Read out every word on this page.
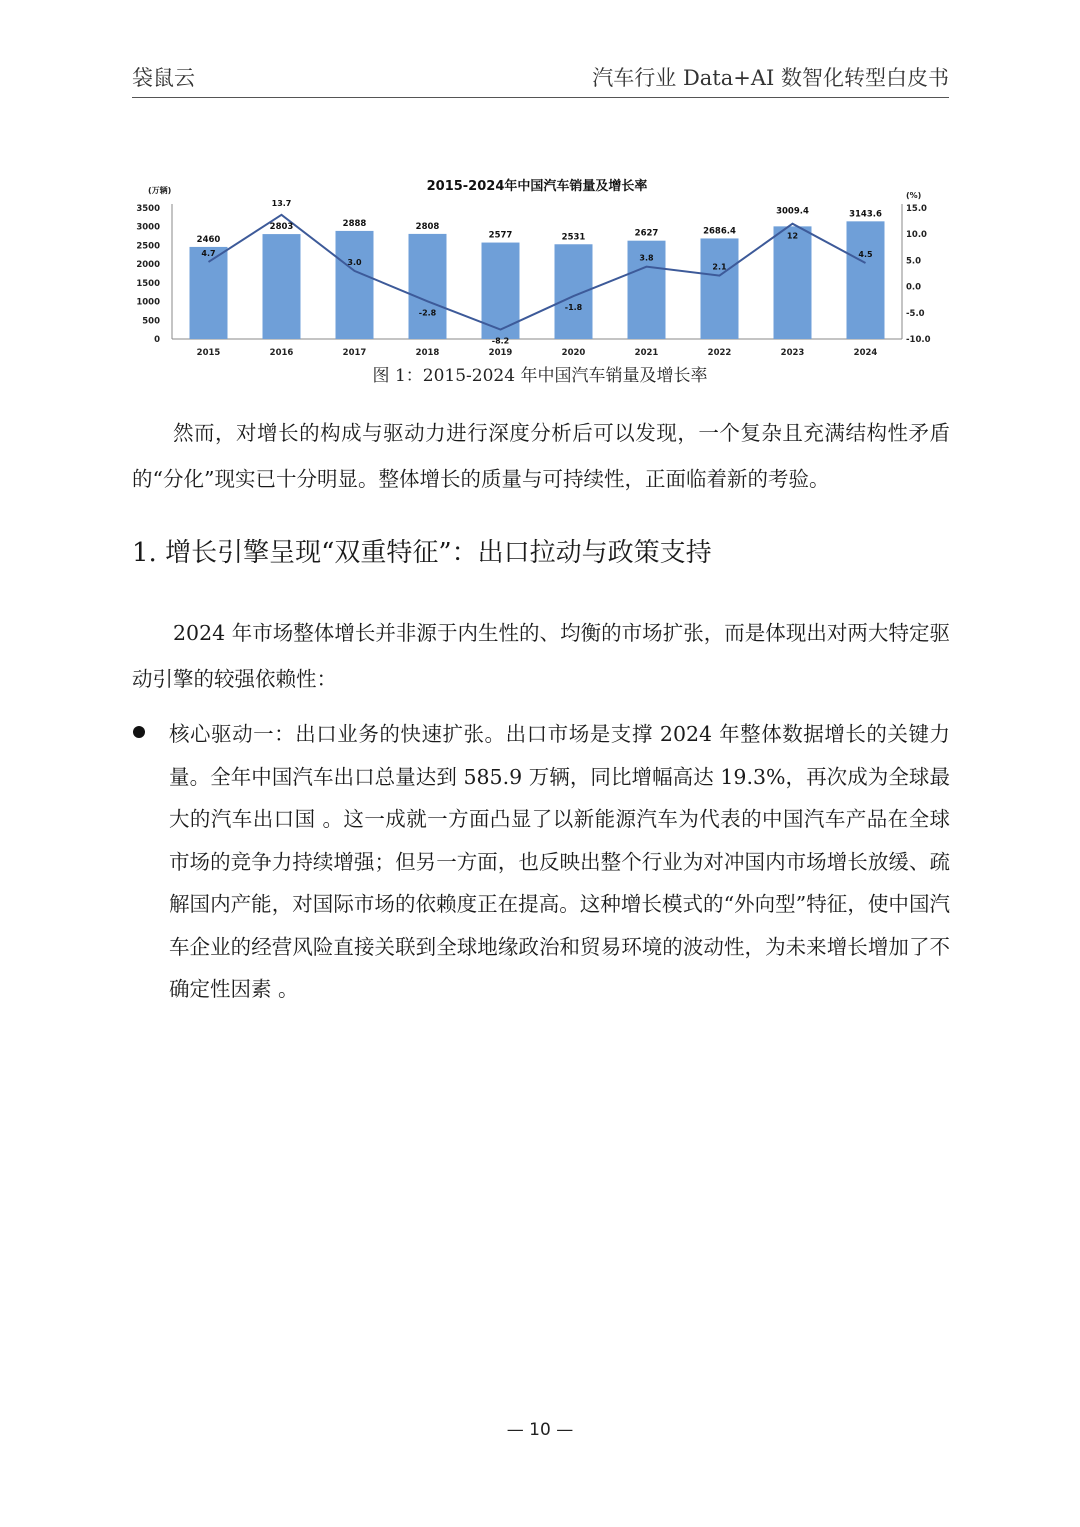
袋鼠云	汽车行业 Data+AI 数智化转型白皮书
2015-2024年中国汽车销量及增长率
(万辆)
(%)
3500
3000
2500
2000
1500
1000
500
0
15.0
10.0
5.0
0.0
-5.0
-10.0
2015	2016	2017	2018	2019	2020	2021	2022	2023	2024
2460
2803	2888	2808
2577	2531	2627	2686.4
3009.4	3143.6
4.7
13.7
3.0
-2.8
-8.2
-1.8
3.8
2.1
12
4.5
图 1：2015-2024 年中国汽车销量及增长率

然而，对增长的构成与驱动力进行深度分析后可以发现，一个复杂且充满结构性矛盾的“分化”现实已十分明显。整体增长的质量与可持续性，正面临着新的考验。

1. 增长引擎呈现“双重特征”：出口拉动与政策支持

2024 年市场整体增长并非源于内生性的、均衡的市场扩张，而是体现出对两大特定驱动引擎的较强依赖性：

核心驱动一：出口业务的快速扩张。出口市场是支撑 2024 年整体数据增长的关键力量。全年中国汽车出口总量达到 585.9 万辆，同比增幅高达 19.3%，再次成为全球最大的汽车出口国 。这一成就一方面凸显了以新能源汽车为代表的中国汽车产品在全球市场的竞争力持续增强；但另一方面，也反映出整个行业为对冲国内市场增长放缓、疏解国内产能，对国际市场的依赖度正在提高。这种增长模式的“外向型”特征，使中国汽车企业的经营风险直接关联到全球地缘政治和贸易环境的波动性，为未来增长增加了不确定性因素 。

— 10 —
